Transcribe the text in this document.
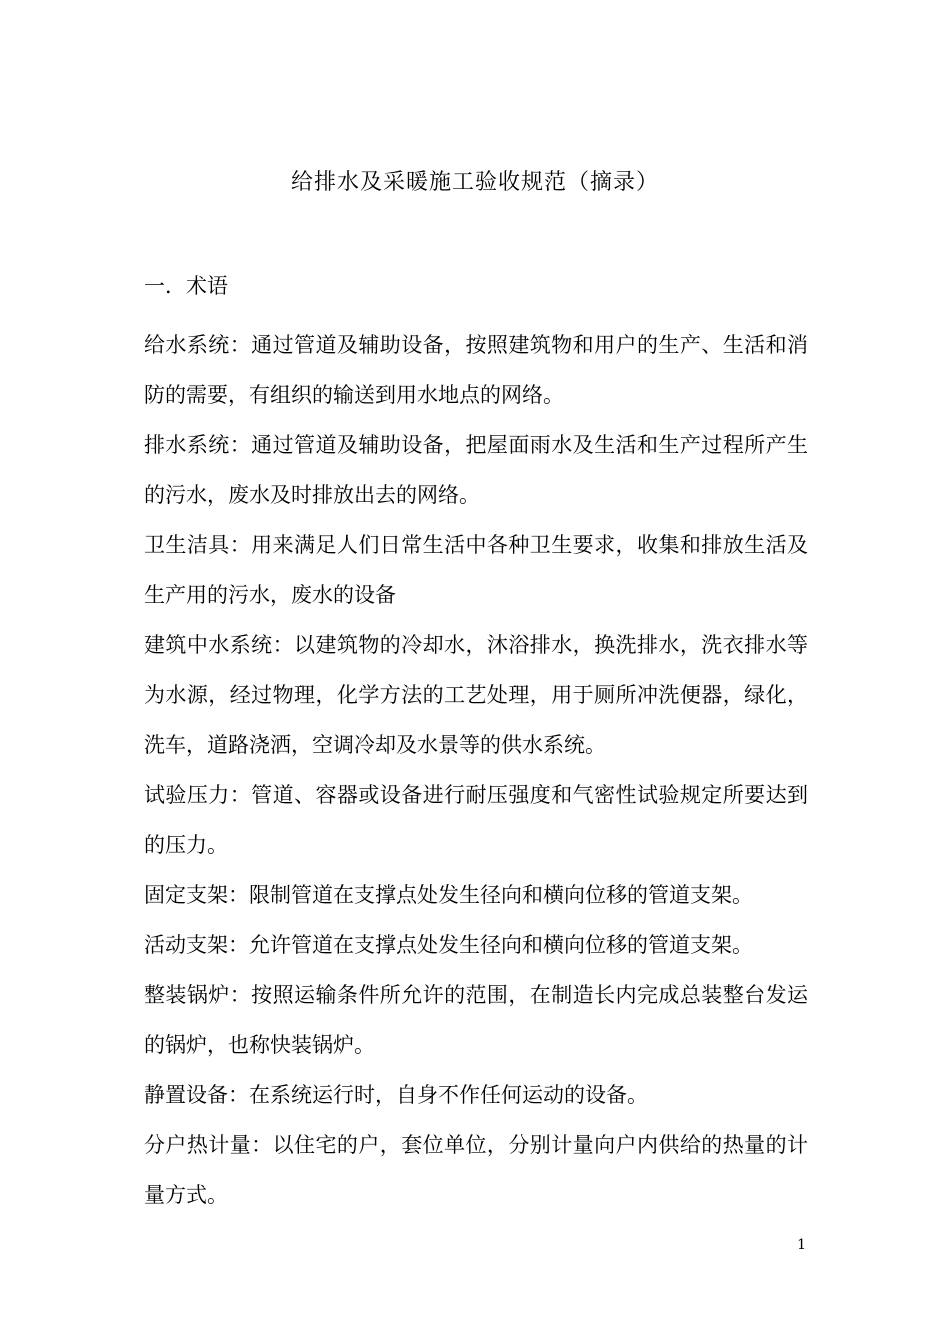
给排水及采暖施工验收规范（摘录）
一．术语

给水系统：通过管道及辅助设备，按照建筑物和用户的生产、生活和消防的需要，有组织的输送到用水地点的网络。

排水系统：通过管道及辅助设备，把屋面雨水及生活和生产过程所产生的污水，废水及时排放出去的网络。

卫生洁具：用来满足人们日常生活中各种卫生要求，收集和排放生活及生产用的污水，废水的设备

建筑中水系统：以建筑物的冷却水，沐浴排水，换洗排水，洗衣排水等为水源，经过物理，化学方法的工艺处理，用于厕所冲洗便器，绿化，洗车，道路浇洒，空调冷却及水景等的供水系统。

试验压力：管道、容器或设备进行耐压强度和气密性试验规定所要达到的压力。

固定支架：限制管道在支撑点处发生径向和横向位移的管道支架。

活动支架：允许管道在支撑点处发生径向和横向位移的管道支架。

整装锅炉：按照运输条件所允许的范围，在制造长内完成总装整台发运的锅炉，也称快装锅炉。

静置设备：在系统运行时，自身不作任何运动的设备。

分户热计量：以住宅的户，套位单位，分别计量向户内供给的热量的计量方式。

1
